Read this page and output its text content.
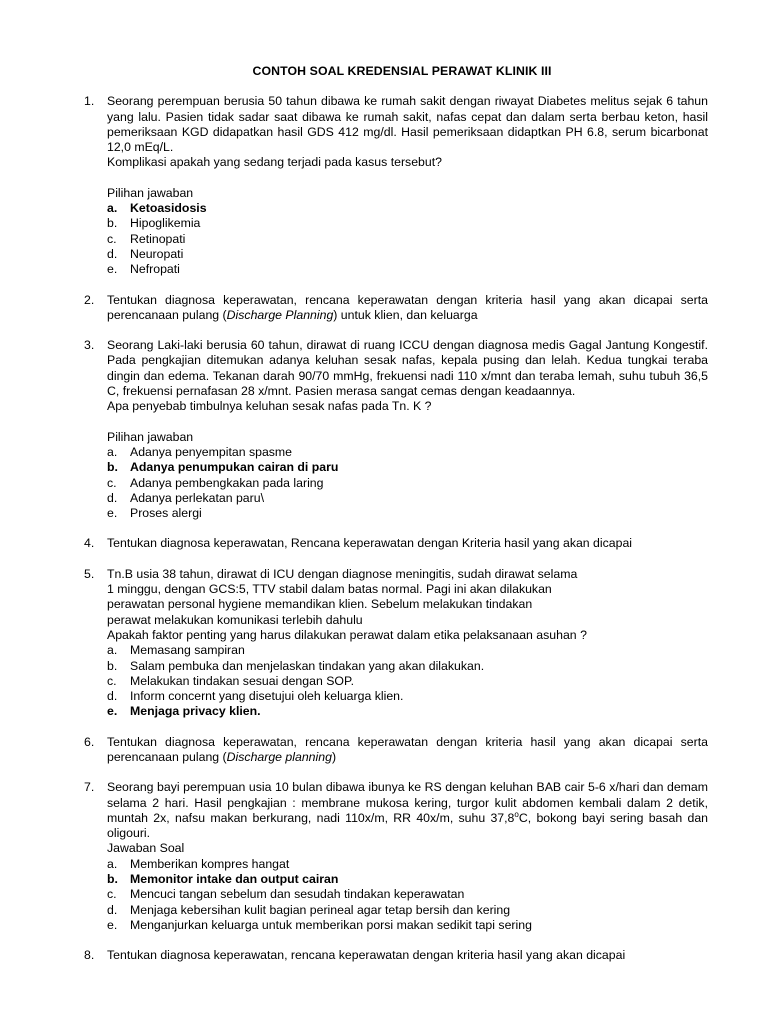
CONTOH SOAL KREDENSIAL PERAWAT KLINIK III
1. Seorang perempuan berusia 50 tahun dibawa ke rumah sakit dengan riwayat Diabetes melitus sejak 6 tahun yang lalu. Pasien tidak sadar saat dibawa ke rumah sakit, nafas cepat dan dalam serta berbau keton, hasil pemeriksaan KGD didapatkan hasil GDS 412 mg/dl. Hasil pemeriksaan didaptkan PH 6.8, serum bicarbonat 12,0 mEq/L.

Komplikasi apakah yang sedang terjadi pada kasus tersebut?

Pilihan jawaban

a. Ketoasidosis
b. Hipoglikemia
c. Retinopati
d. Neuropati
e. Nefropati
2. Tentukan diagnosa keperawatan, rencana keperawatan dengan kriteria hasil yang akan dicapai serta perencanaan pulang (Discharge Planning) untuk klien, dan keluarga

3. Seorang Laki-laki berusia 60 tahun, dirawat di ruang ICCU dengan diagnosa medis Gagal Jantung Kongestif. Pada pengkajian ditemukan adanya keluhan sesak nafas, kepala pusing dan lelah. Kedua tungkai teraba dingin dan edema. Tekanan darah 90/70 mmHg, frekuensi nadi 110 x/mnt dan teraba lemah, suhu tubuh 36,5 C, frekuensi pernafasan 28 x/mnt. Pasien merasa sangat cemas dengan keadaannya.

Apa penyebab timbulnya keluhan sesak nafas pada Tn. K ?

Pilihan jawaban

a. Adanya penyempitan spasme
b. Adanya penumpukan cairan di paru
c. Adanya pembengkakan pada laring
d. Adanya perlekatan paru\
e. Proses alergi
4. Tentukan diagnosa keperawatan, Rencana keperawatan dengan Kriteria hasil yang akan dicapai

5. Tn.B usia 38 tahun, dirawat di ICU dengan diagnose meningitis, sudah dirawat selama

1 minggu, dengan GCS:5, TTV stabil dalam batas normal. Pagi ini akan dilakukan

perawatan personal hygiene memandikan klien. Sebelum melakukan tindakan

perawat melakukan komunikasi terlebih dahulu

Apakah faktor penting yang harus dilakukan perawat dalam etika pelaksanaan asuhan ?

a. Memasang sampiran
b. Salam pembuka dan menjelaskan tindakan yang akan dilakukan.
c. Melakukan tindakan sesuai dengan SOP.
d. Inform concernt yang disetujui oleh keluarga klien.
e. Menjaga privacy klien.
6. Tentukan diagnosa keperawatan, rencana keperawatan dengan kriteria hasil yang akan dicapai serta perencanaan pulang (Discharge planning)

7. Seorang bayi perempuan usia 10 bulan dibawa ibunya ke RS dengan keluhan BAB cair 5-6 x/hari dan demam selama 2 hari. Hasil pengkajian : membrane mukosa kering, turgor kulit abdomen kembali dalam 2 detik, muntah 2x, nafsu makan berkurang, nadi 110x/m, RR 40x/m, suhu 37,8$^o$C, bokong bayi sering basah dan oligouri.

Jawaban Soal

a. Memberikan kompres hangat
b. Memonitor intake dan output cairan
c. Mencuci tangan sebelum dan sesudah tindakan keperawatan
d. Menjaga kebersihan kulit bagian perineal agar tetap bersih dan kering
e. Menganjurkan keluarga untuk memberikan porsi makan sedikit tapi sering
8. Tentukan diagnosa keperawatan, rencana keperawatan dengan kriteria hasil yang akan dicapai
